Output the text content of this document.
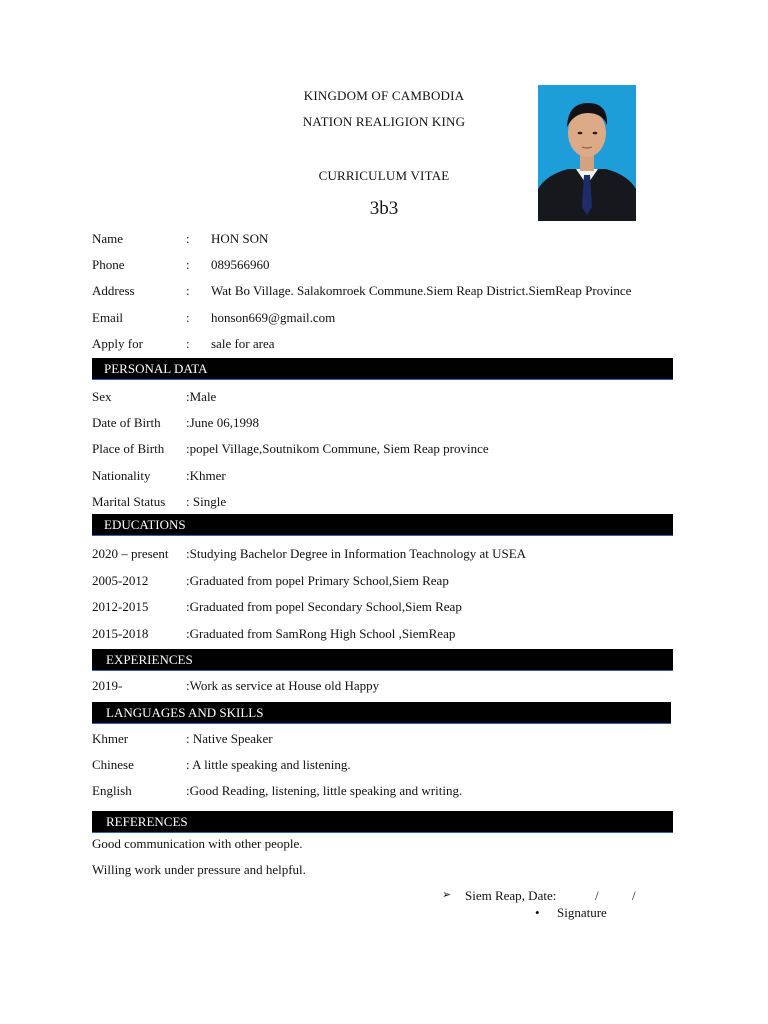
KINGDOM OF CAMBODIA
NATION REALIGION KING
CURRICULUM VITAE
3b3
Name	: HON SON
Phone	: 089566960
Address	: Wat Bo Village. Salakomroek Commune.Siem Reap District.SiemReap Province
Email	: honson669@gmail.com
Apply for	: sale for area
PERSONAL DATA
Sex	:Male
Date of Birth :June 06,1998
Place of Birth :popel Village,Soutnikom Commune, Siem Reap province
Nationality	:Khmer
Marital Status : Single
EDUCATIONS
2020 – present :Studying Bachelor Degree in Information Teachnology at USEA
2005-2012	:Graduated from popel Primary School,Siem Reap
2012-2015	:Graduated from popel Secondary School,Siem Reap
2015-2018	:Graduated from SamRong High School ,SiemReap
EXPERIENCES
2019-	:Work as service at House old Happy
LANGUAGES AND SKILLS
Khmer	: Native Speaker
Chinese	: A little speaking and listening.
English	:Good Reading, listening, little speaking and writing.
REFERENCES
Good communication with other people.
Willing work under pressure and helpful.
➢ Siem Reap, Date:	/	/
• Signature
